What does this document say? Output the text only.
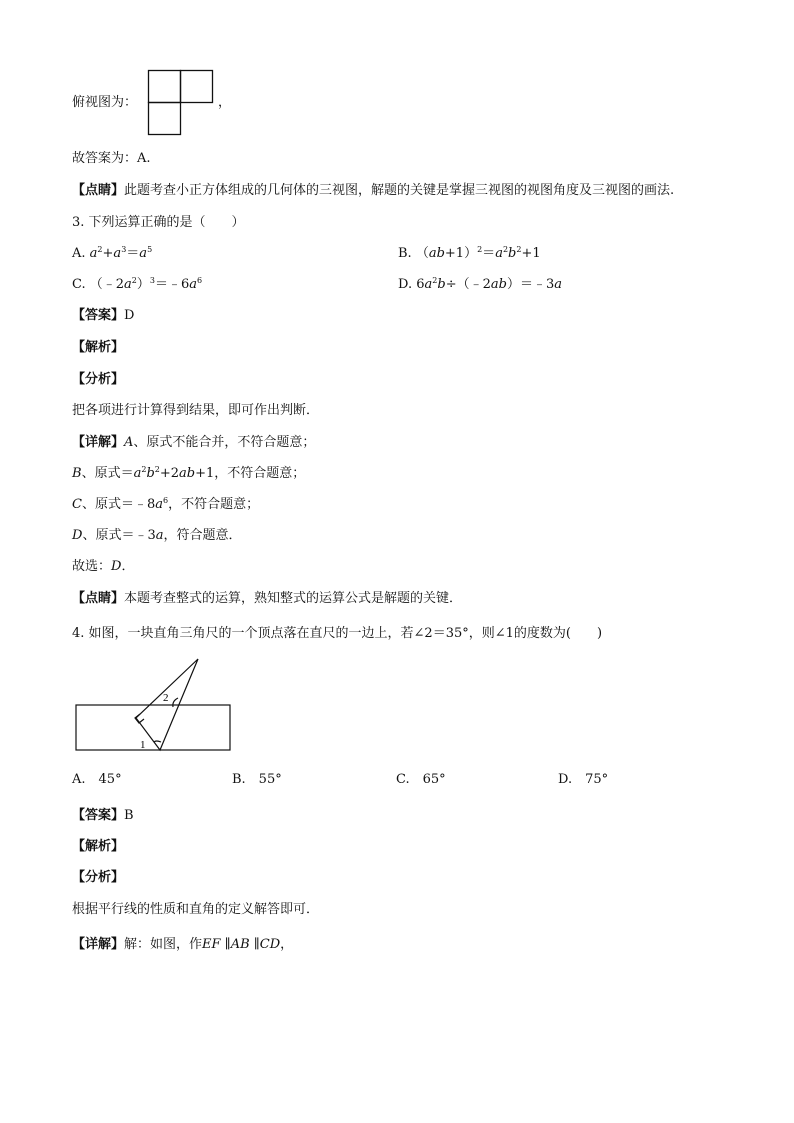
俯视图为：	，
故答案为：A.
【点睛】此题考查小正方体组成的几何体的三视图，解题的关键是掌握三视图的视图角度及三视图的画法.
3. 下列运算正确的是（　　）
A. $a^2+a^3=a^5$	B. $(ab+1)^2=a^2b^2+1$
C. $(﹣2a^2)^3=﹣6a^6$	D. $6a^2b\div(﹣2ab)=﹣3a$
【答案】D
【解析】
【分析】
把各项进行计算得到结果，即可作出判断．
【详解】A、原式不能合并，不符合题意；
B、原式$=a^2b^2+2ab+1$，不符合题意；
C、原式$=﹣8a^6$，不符合题意；
D、原式＝﹣3a，符合题意．
故选：D．
【点睛】本题考查整式的运算，熟知整式的运算公式是解题的关键．
4. 如图，一块直角三角尺的一个顶点落在直尺的一边上，若∠2＝35°，则∠1的度数为(　　)
2
1
A.　45°	B.　55°	C.　65°	D.　75°
【答案】B
【解析】
【分析】
根据平行线的性质和直角的定义解答即可．
【详解】解：如图，作EF ∥AB ∥CD，
